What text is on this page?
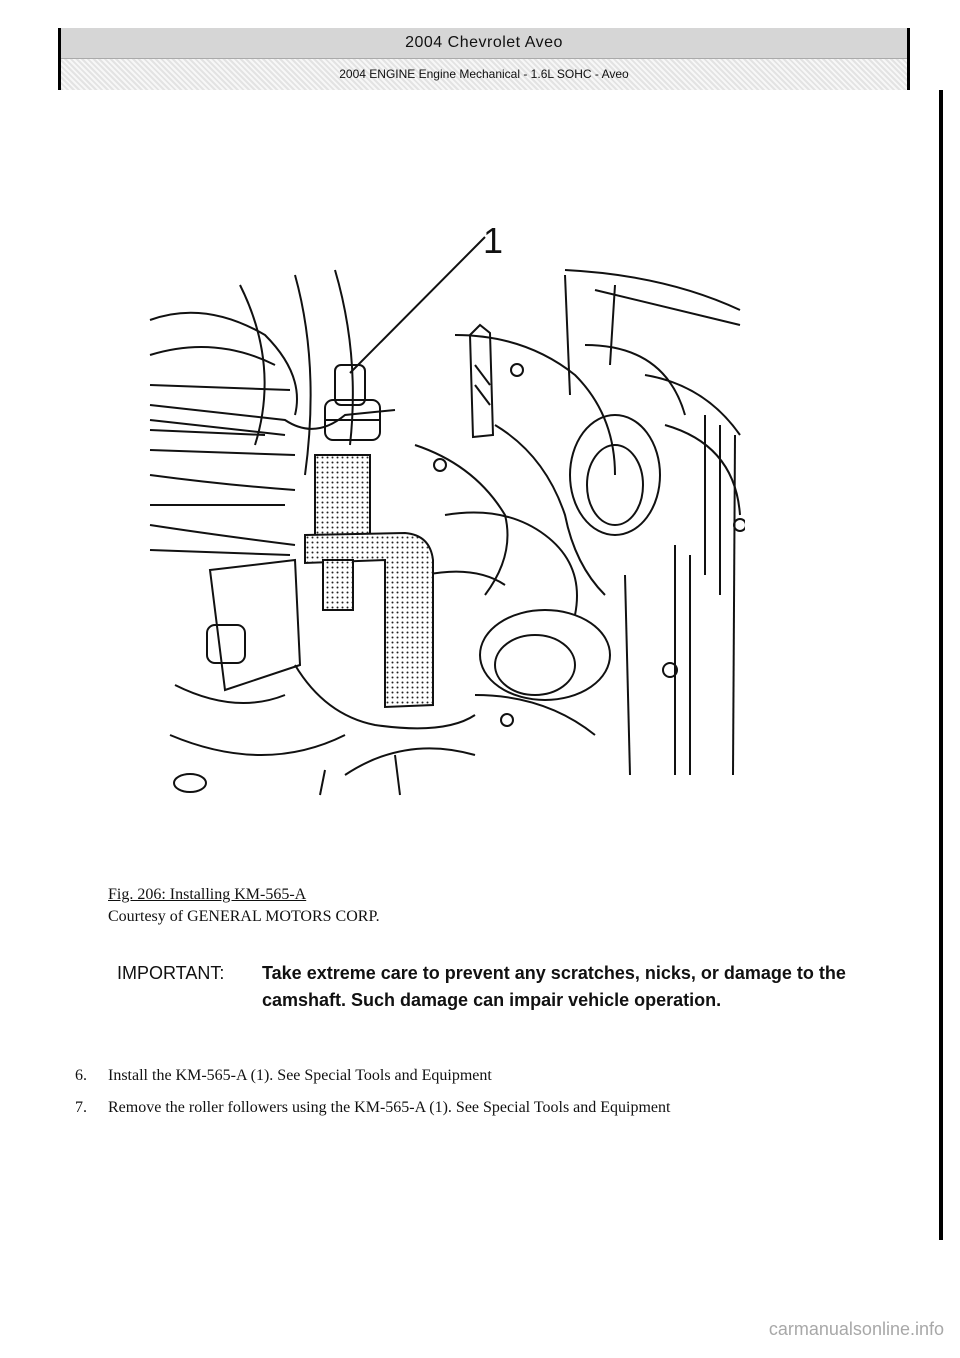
2004 Chevrolet Aveo
2004 ENGINE Engine Mechanical - 1.6L SOHC - Aveo
1
Fig. 206: Installing KM-565-A
Courtesy of GENERAL MOTORS CORP.
IMPORTANT: Take extreme care to prevent any scratches, nicks, or damage to the camshaft. Such damage can impair vehicle operation.
6. Install the KM-565-A (1). See Special Tools and Equipment
7. Remove the roller followers using the KM-565-A (1). See Special Tools and Equipment
carmanualsonline.info
